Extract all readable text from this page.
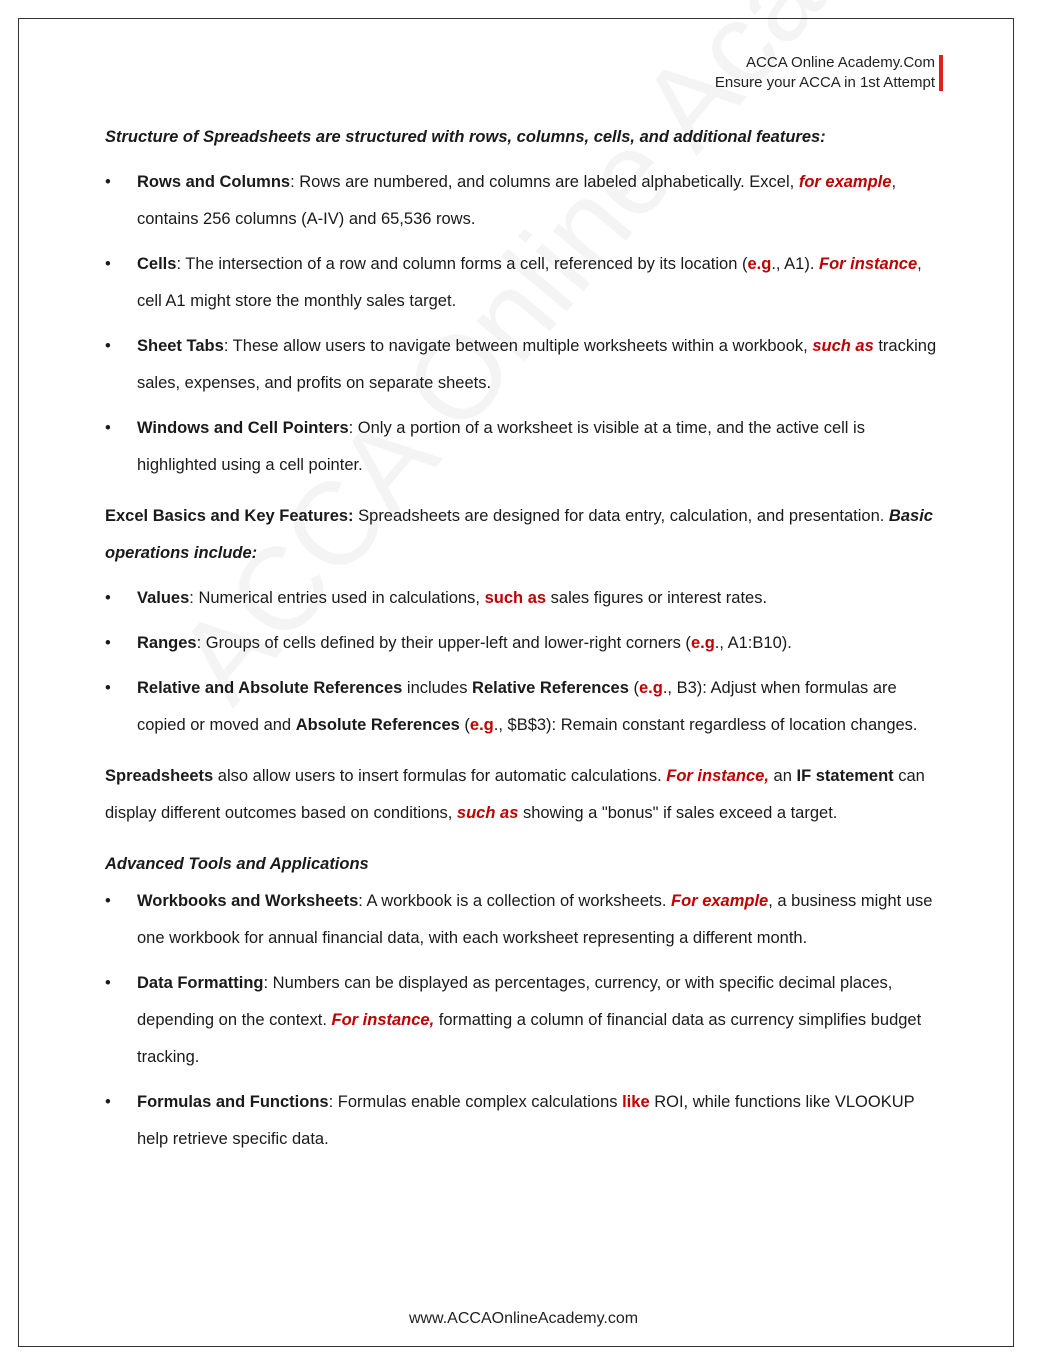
ACCA Online Academy.Com
Ensure your ACCA in 1st Attempt

Structure of Spreadsheets are structured with rows, columns, cells, and additional features:

• Rows and Columns: Rows are numbered, and columns are labeled alphabetically. Excel, for example, contains 256 columns (A-IV) and 65,536 rows.
• Cells: The intersection of a row and column forms a cell, referenced by its location (e.g., A1). For instance, cell A1 might store the monthly sales target.
• Sheet Tabs: These allow users to navigate between multiple worksheets within a workbook, such as tracking sales, expenses, and profits on separate sheets.
• Windows and Cell Pointers: Only a portion of a worksheet is visible at a time, and the active cell is highlighted using a cell pointer.

Excel Basics and Key Features: Spreadsheets are designed for data entry, calculation, and presentation. Basic operations include:

• Values: Numerical entries used in calculations, such as sales figures or interest rates.
• Ranges: Groups of cells defined by their upper-left and lower-right corners (e.g., A1:B10).
• Relative and Absolute References includes Relative References (e.g., B3): Adjust when formulas are copied or moved and Absolute References (e.g., $B$3): Remain constant regardless of location changes.

Spreadsheets also allow users to insert formulas for automatic calculations. For instance, an IF statement can display different outcomes based on conditions, such as showing a "bonus" if sales exceed a target.

Advanced Tools and Applications

• Workbooks and Worksheets: A workbook is a collection of worksheets. For example, a business might use one workbook for annual financial data, with each worksheet representing a different month.
• Data Formatting: Numbers can be displayed as percentages, currency, or with specific decimal places, depending on the context. For instance, formatting a column of financial data as currency simplifies budget tracking.
• Formulas and Functions: Formulas enable complex calculations like ROI, while functions like VLOOKUP help retrieve specific data.
www.ACCAOnlineAcademy.com
